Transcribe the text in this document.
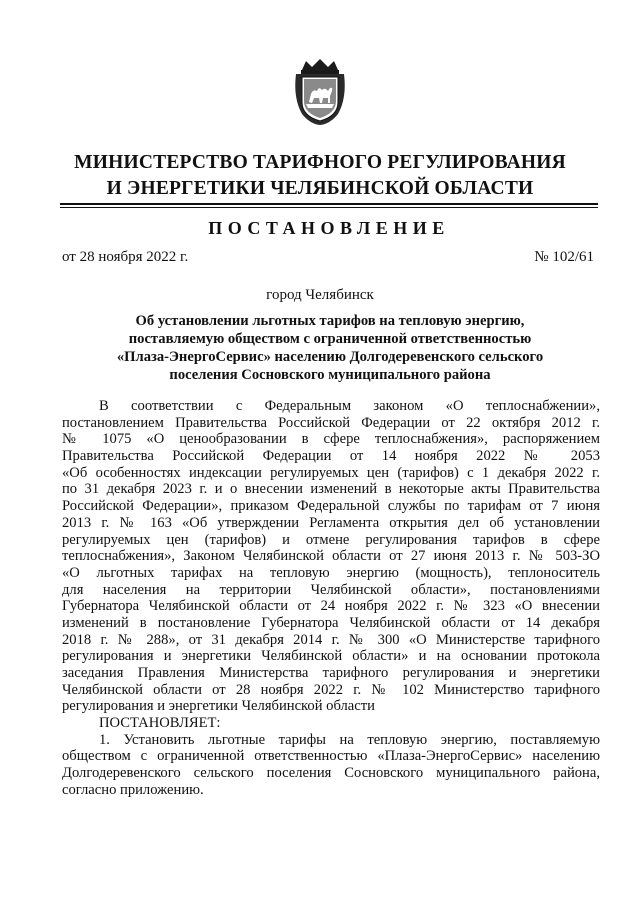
МИНИСТЕРСТВО ТАРИФНОГО РЕГУЛИРОВАНИЯ
И ЭНЕРГЕТИКИ ЧЕЛЯБИНСКОЙ ОБЛАСТИ
ПОСТАНОВЛЕНИЕ
от 28 ноября 2022 г.	№ 102/61
город Челябинск
Об установлении льготных тарифов на тепловую энергию,
поставляемую обществом с ограниченной ответственностью
«Плаза-ЭнергоСервис» населению Долгодеревенского сельского
поселения Сосновского муниципального района
В соответствии с Федеральным законом «О теплоснабжении»,
постановлением Правительства Российской Федерации от 22 октября 2012 г.
№ 1075 «О ценообразовании в сфере теплоснабжения», распоряжением
Правительства Российской Федерации от 14 ноября 2022 № 2053
«Об особенностях индексации регулируемых цен (тарифов) с 1 декабря 2022 г.
по 31 декабря 2023 г. и о внесении изменений в некоторые акты Правительства
Российской Федерации», приказом Федеральной службы по тарифам от 7 июня
2013 г. № 163 «Об утверждении Регламента открытия дел об установлении
регулируемых цен (тарифов) и отмене регулирования тарифов в сфере
теплоснабжения», Законом Челябинской области от 27 июня 2013 г. № 503-ЗО
«О льготных тарифах на тепловую энергию (мощность), теплоноситель
для населения на территории Челябинской области», постановлениями
Губернатора Челябинской области от 24 ноября 2022 г. № 323 «О внесении
изменений в постановление Губернатора Челябинской области от 14 декабря
2018 г. № 288», от 31 декабря 2014 г. № 300 «О Министерстве тарифного
регулирования и энергетики Челябинской области» и на основании протокола
заседания Правления Министерства тарифного регулирования и энергетики
Челябинской области от 28 ноября 2022 г. № 102 Министерство тарифного
регулирования и энергетики Челябинской области
ПОСТАНОВЛЯЕТ:
1. Установить льготные тарифы на тепловую энергию, поставляемую
обществом с ограниченной ответственностью «Плаза-ЭнергоСервис» населению
Долгодеревенского сельского поселения Сосновского муниципального района,
согласно приложению.
